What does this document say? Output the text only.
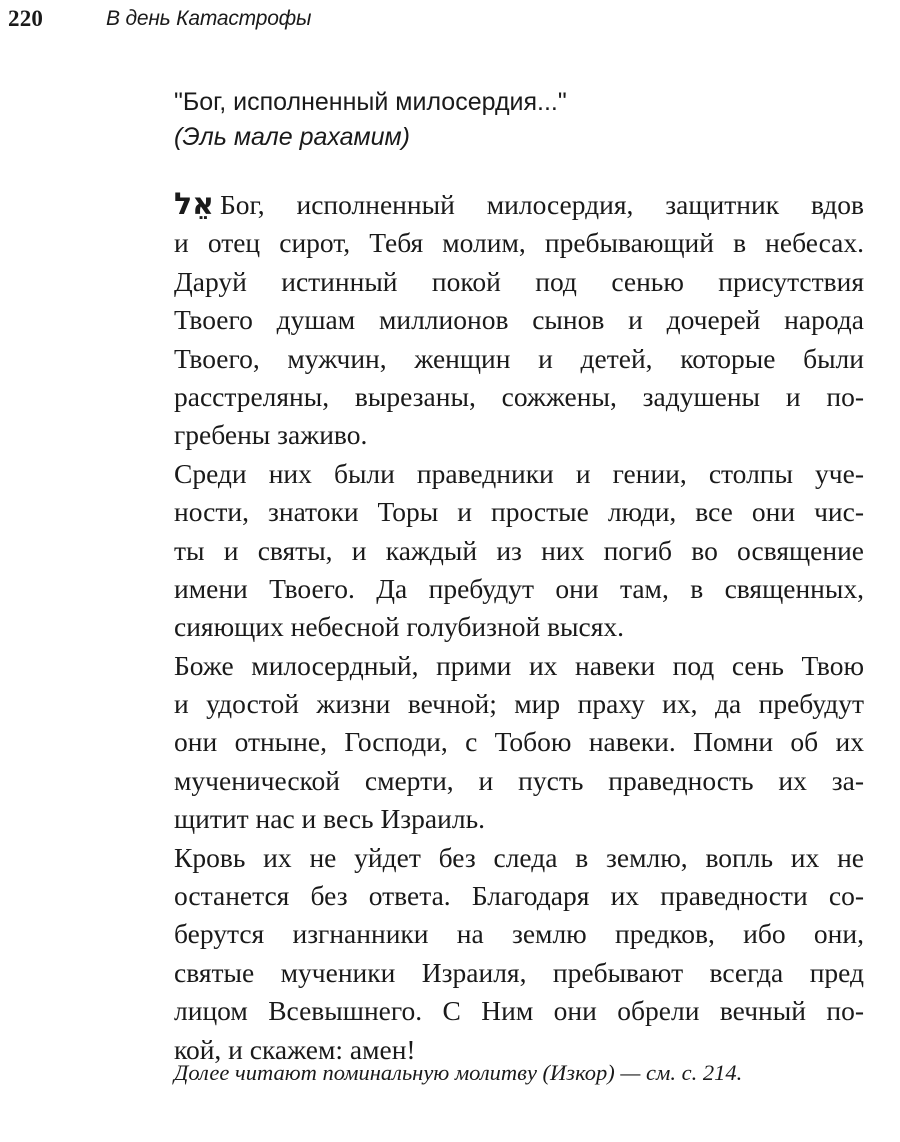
220	В день Катастрофы
"Бог, исполненный милосердия..."
(Эль мале рахамим)
אֵל Бог, исполненный милосердия, защитник вдов
и отец сирот, Тебя молим, пребывающий в небесах.
Даруй истинный покой под сенью присутствия
Твоего душам миллионов сынов и дочерей народа
Твоего, мужчин, женщин и детей, которые были
расстреляны, вырезаны, сожжены, задушены и по-
гребены заживо.
Среди них были праведники и гении, столпы уче-
ности, знатоки Торы и простые люди, все они чис-
ты и святы, и каждый из них погиб во освящение
имени Твоего. Да пребудут они там, в священных,
сияющих небесной голубизной высях.
Боже милосердный, прими их навеки под сень Твою
и удостой жизни вечной; мир праху их, да пребудут
они отныне, Господи, с Тобою навеки. Помни об их
мученической смерти, и пусть праведность их за-
щитит нас и весь Израиль.
Кровь их не уйдет без следа в землю, вопль их не
останется без ответа. Благодаря их праведности со-
берутся изгнанники на землю предков, ибо они,
святые мученики Израиля, пребывают всегда пред
лицом Всевышнего. С Ним они обрели вечный по-
кой, и скажем: амен!
Долее читают поминальную молитву (Изкор) — см. с. 214.
